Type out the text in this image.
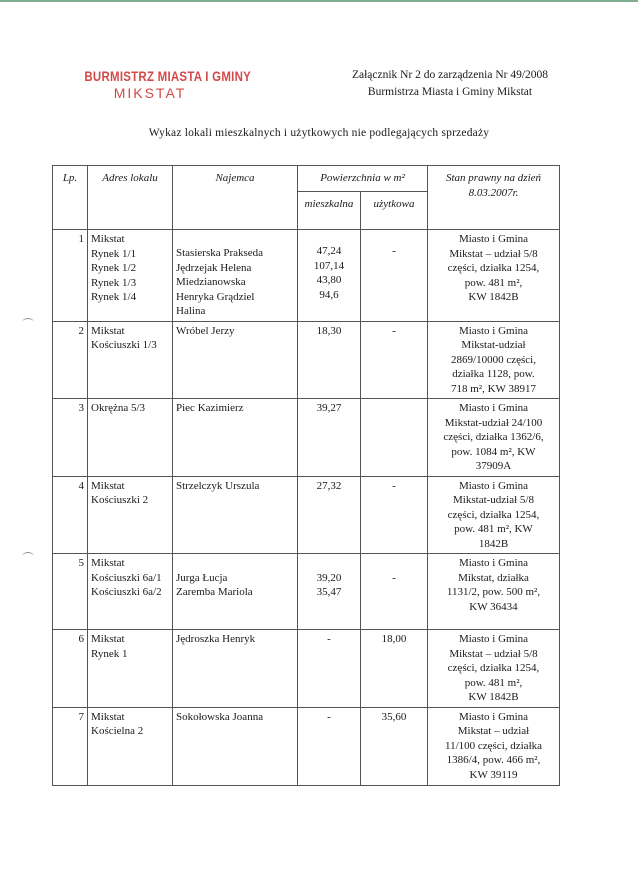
BURMISTRZ MIASTA I GMINY
MIKSTAT
Załącznik Nr 2 do zarządzenia Nr 49/2008
Burmistrza Miasta i Gminy Mikstat
Wykaz lokali mieszkalnych i użytkowych nie podlegających sprzedaży
Lp.	Adres lokalu	Najemca	Powierzchnia w m²		Stan prawny na dzień 8.03.2007r.
			mieszkalna	użytkowa	
1	Mikstat
Rynek 1/1
Rynek 1/2
Rynek 1/3
Rynek 1/4	Stasierska Prakseda
Jędrzejak Helena
Miedzianowska
Henryka Grądziel
Halina	47,24
107,14
43,80
94,6	-	Miasto i Gmina
Mikstat – udział 5/8
części, działka 1254,
pow. 481 m²,
KW 1842B

2	Mikstat
Kościuszki 1/3	Wróbel Jerzy	18,30	-	Miasto i Gmina
Mikstat-udział
2869/10000 części,
działka 1128, pow.
718 m², KW 38917

3	Okrężna 5/3	Piec Kazimierz	39,27		Miasto i Gmina
Mikstat-udział 24/100
części, działka 1362/6,
pow. 1084 m², KW
37909A

4	Mikstat
Kościuszki 2	Strzelczyk Urszula	27,32	-	Miasto i Gmina
Mikstat-udział 5/8
części, działka 1254,
pow. 481 m², KW
1842B

5	Mikstat
Kościuszki 6a/1
Kościuszki 6a/2	Jurga Łucja
Zaremba Mariola	39,20
35,47	-	Miasto i Gmina
Mikstat, działka
1131/2, pow. 500 m²,
KW 36434

6	Mikstat
Rynek 1	Jędroszka Henryk	-	18,00	Miasto i Gmina
Mikstat – udział 5/8
części, działka 1254,
pow. 481 m²,
KW 1842B

7	Mikstat
Kościelna 2	Sokołowska Joanna	-	35,60	Miasto i Gmina
Mikstat – udział
11/100 części, działka
1386/4, pow. 466 m²,
KW 39119
